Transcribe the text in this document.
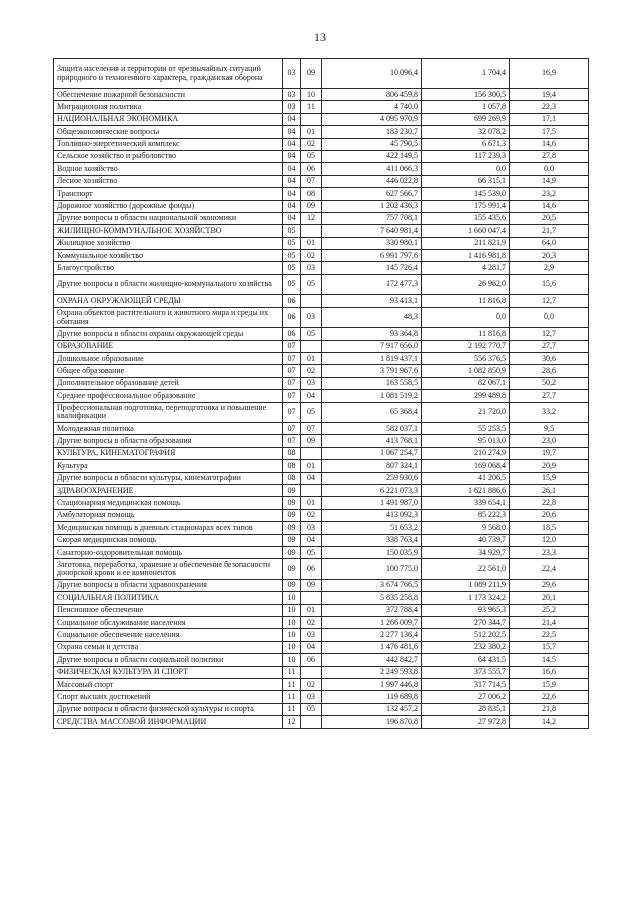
13
Защита населения и территории от чрезвычайных ситуаций природного и техногенного характера, гражданская оборона	03	09	10 096,4	1 704,4	16,9
Обеспечение пожарной безопасности	03	10	806 459,8	156 300,5	19,4
Миграционная политика	03	11	4 740,0	1 057,8	22,3
НАЦИОНАЛЬНАЯ ЭКОНОМИКА	04		4 095 970,9	699 269,9	17,1
Общеэкономические вопросы	04	01	183 230,7	32 078,2	17,5
Топливно-энергетический комплекс	04	02	45 790,5	6 671,3	14,6
Сельское хозяйство и рыболовство	04	05	422 149,5	117 239,3	27,8
Водное хозяйство	04	06	411 066,3	0,0	0,0
Лесное хозяйство	04	07	446 022,8	66 315,1	14,9
Транспорт	04	08	627 566,7	145 539,0	23,2
Дорожное хозяйство (дорожные фонды)	04	09	1 202 436,3	175 991,4	14,6
Другие вопросы в области национальной экономики	04	12	757 708,1	155 435,6	20,5
ЖИЛИЩНО-КОММУНАЛЬНОЕ ХОЗЯЙСТВО	05		7 640 981,4	1 660 047,4	21,7
Жилищное хозяйство	05	01	330 980,1	211 821,9	64,0
Коммунальное хозяйство	05	02	6 991 797,6	1 416 981,8	20,3
Благоустройство	05	03	145 726,4	4 281,7	2,9
Другие вопросы в области жилищно-коммунального хозяйства	05	05	172 477,3	26 962,0	15,6
ОХРАНА ОКРУЖАЮЩЕЙ СРЕДЫ	06		93 413,1	11 816,8	12,7
Охрана объектов растительного и животного мира и среды их обитания	06	03	48,3	0,0	0,0
Другие вопросы в области охраны окружающей среды	06	05	93 364,8	11 816,8	12,7
ОБРАЗОВАНИЕ	07		7 917 656,0	2 192 770,7	27,7
Дошкольное образование	07	01	1 819 437,1	556 376,5	30,6
Общее образование	07	02	3 791 967,6	1 082 850,9	28,6
Дополнительное образование детей	07	03	163 558,5	82 067,1	50,2
Среднее профессиональное образование	07	04	1 081 519,2	299 489,8	27,7
Профессиональная подготовка, переподготовка и повышение квалификации	07	05	65 368,4	21 720,0	33,2
Молодежная политика	07	07	582 037,1	55 253,5	9,5
Другие вопросы в области образования	07	09	413 768,1	95 013,0	23,0
КУЛЬТУРА, КИНЕМАТОГРАФИЯ	08		1 067 254,7	210 274,9	19,7
Культура	08	01	807 324,1	169 068,4	20,9
Другие вопросы в области культуры, кинематографии	08	04	259 930,6	41 206,5	15,9
ЗДРАВООХРАНЕНИЕ	09		6 221 073,3	1 621 886,6	26,1
Стационарная медицинская помощь	09	01	1 491 987,0	339 654,1	22,8
Амбулаторная помощь	09	02	413 092,3	85 222,3	20,6
Медицинская помощь в дневных стационарах всех типов	09	03	51 653,2	9 568,0	18,5
Скорая медицинская помощь	09	04	338 763,4	40 739,7	12,0
Санаторно-оздоровительная помощь	09	05	150 035,9	34 929,7	23,3
Заготовка, переработка, хранение и обеспечение безопасности донорской крови и ее компонентов	09	06	100 775,0	22 561,0	22,4
Другие вопросы в области здравоохранения	09	09	3 674 766,5	1 089 211,9	29,6
СОЦИАЛЬНАЯ ПОЛИТИКА	10		5 835 258,8	1 173 324,2	20,1
Пенсионное обеспечение	10	01	372 788,4	93 965,3	25,2
Социальное обслуживание населения	10	02	1 266 009,7	270 344,7	21,4
Социальное обеспечение населения	10	03	2 277 136,4	512 202,5	22,5
Охрана семьи и детства	10	04	1 476 481,6	232 380,2	15,7
Другие вопросы в области социальной политики	10	06	442 842,7	64 431,5	14,5
ФИЗИЧЕСКАЯ КУЛЬТУРА И СПОРТ	11		2 249 593,8	373 555,7	16,6
Массовый спорт	11	02	1 997 446,8	317 714,5	15,9
Спорт высших достижений	11	03	119 689,8	27 006,2	22,6
Другие вопросы в области физической культуры и спорта	11	05	132 457,2	28 835,1	21,8
СРЕДСТВА МАССОВОЙ ИНФОРМАЦИИ	12		196 870,8	27 972,8	14,2
